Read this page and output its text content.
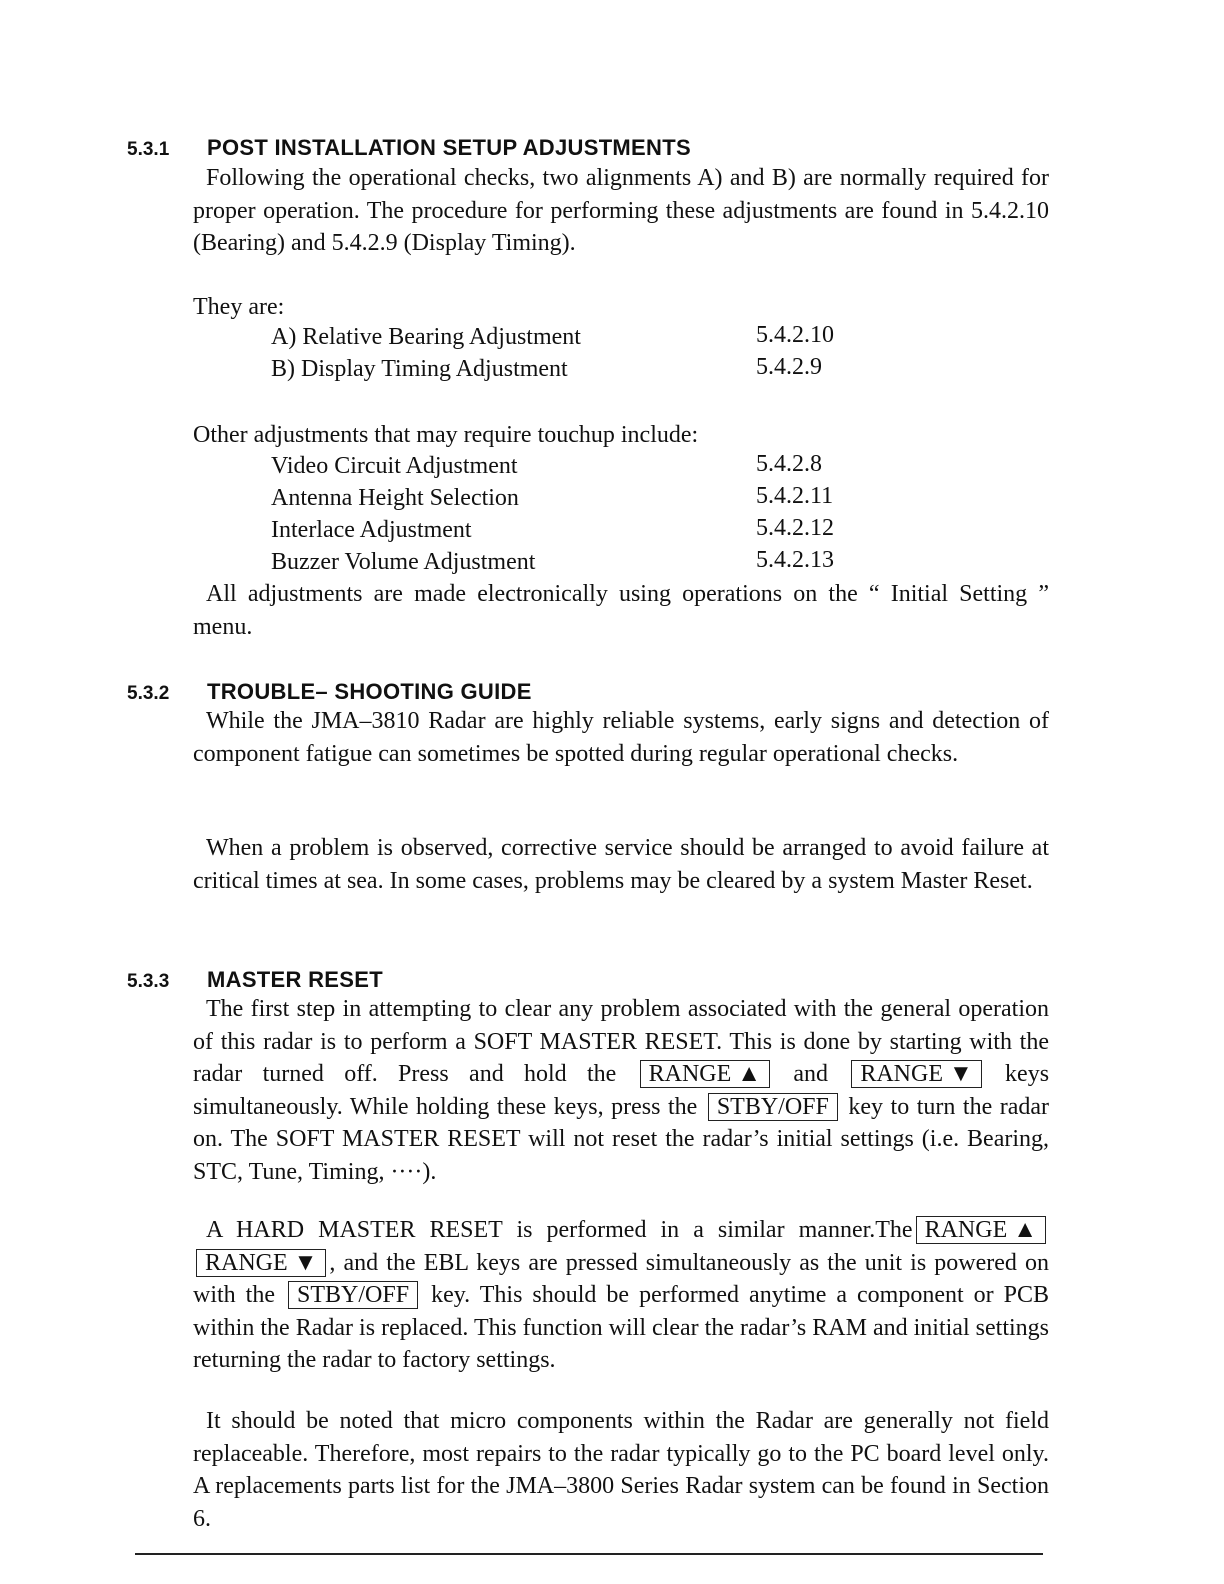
5.3.1 POST INSTALLATION SETUP ADJUSTMENTS
Following the operational checks, two alignments A) and B) are normally required for proper operation. The procedure for performing these adjustments are found in 5.4.2.10 (Bearing) and 5.4.2.9 (Display Timing).
They are:
A) Relative Bearing Adjustment	5.4.2.10
B) Display Timing Adjustment	5.4.2.9
Other adjustments that may require touchup include:
Video Circuit Adjustment	5.4.2.8
Antenna Height Selection	5.4.2.11
Interlace Adjustment	5.4.2.12
Buzzer Volume Adjustment	5.4.2.13
All adjustments are made electronically using operations on the “ Initial Setting ” menu.
5.3.2 TROUBLE– SHOOTING GUIDE
While the JMA–3810 Radar are highly reliable systems, early signs and detection of component fatigue can sometimes be spotted during regular operational checks.
When a problem is observed, corrective service should be arranged to avoid failure at critical times at sea. In some cases, problems may be cleared by a system Master Reset.
5.3.3 MASTER RESET
The first step in attempting to clear any problem associated with the general operation of this radar is to perform a SOFT MASTER RESET. This is done by starting with the radar turned off. Press and hold the RANGE ▲ and RANGE ▼ keys simultaneously. While holding these keys, press the STBY/OFF key to turn the radar on. The SOFT MASTER RESET will not reset the radar’s initial settings (i.e. Bearing, STC, Tune, Timing, ····).
A HARD MASTER RESET is performed in a similar manner.The RANGE ▲ RANGE ▼ , and the EBL keys are pressed simultaneously as the unit is powered on with the STBY/OFF key. This should be performed anytime a component or PCB within the Radar is replaced. This function will clear the radar’s RAM and initial settings returning the radar to factory settings.
It should be noted that micro components within the Radar are generally not field replaceable. Therefore, most repairs to the radar typically go to the PC board level only. A replacements parts list for the JMA–3800 Series Radar system can be found in Section 6.
